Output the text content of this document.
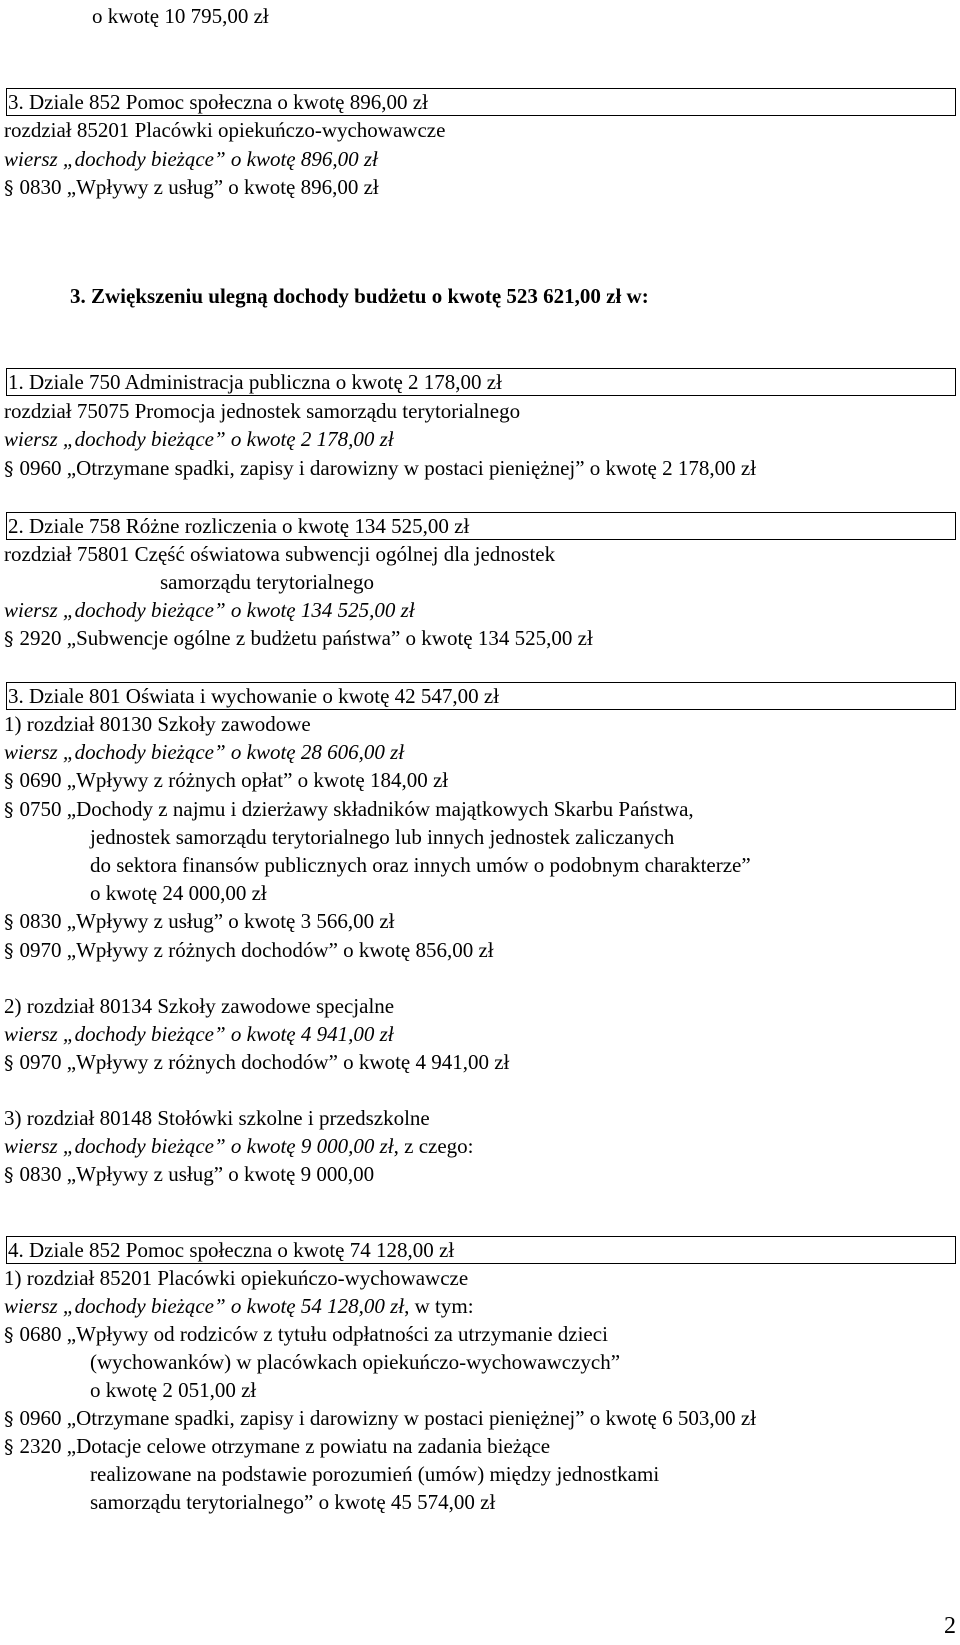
o kwotę 10 795,00 zł
3. Dziale 852 Pomoc społeczna o kwotę 896,00 zł
rozdział 85201 Placówki opiekuńczo-wychowawcze
wiersz „dochody bieżące” o kwotę 896,00 zł
§ 0830 „Wpływy z usług” o kwotę 896,00 zł
3. Zwiększeniu ulegną dochody budżetu o kwotę 523 621,00 zł w:
1. Dziale 750 Administracja publiczna o kwotę 2 178,00 zł
rozdział 75075 Promocja jednostek samorządu terytorialnego
wiersz „dochody bieżące” o kwotę 2 178,00 zł
§ 0960 „Otrzymane spadki, zapisy i darowizny w postaci pieniężnej” o kwotę 2 178,00 zł
2. Dziale 758 Różne rozliczenia o kwotę 134 525,00 zł
rozdział 75801 Część oświatowa subwencji ogólnej dla jednostek
samorządu terytorialnego
wiersz „dochody bieżące” o kwotę 134 525,00 zł
§ 2920 „Subwencje ogólne z budżetu państwa” o kwotę 134 525,00 zł
3. Dziale 801 Oświata i wychowanie o kwotę 42 547,00 zł
1) rozdział 80130 Szkoły zawodowe
wiersz „dochody bieżące” o kwotę 28 606,00 zł
§ 0690 „Wpływy z różnych opłat” o kwotę 184,00 zł
§ 0750 „Dochody z najmu i dzierżawy składników majątkowych Skarbu Państwa,
jednostek samorządu terytorialnego lub innych jednostek zaliczanych
do sektora finansów publicznych oraz innych umów o podobnym charakterze”
o kwotę 24 000,00 zł
§ 0830 „Wpływy z usług” o kwotę 3 566,00 zł
§ 0970 „Wpływy z różnych dochodów” o kwotę 856,00 zł
2) rozdział 80134 Szkoły zawodowe specjalne
wiersz „dochody bieżące” o kwotę 4 941,00 zł
§ 0970 „Wpływy z różnych dochodów” o kwotę 4 941,00 zł
3) rozdział 80148 Stołówki szkolne i przedszkolne
wiersz „dochody bieżące” o kwotę 9 000,00 zł, z czego:
§ 0830 „Wpływy z usług” o kwotę 9 000,00
4. Dziale 852 Pomoc społeczna o kwotę 74 128,00 zł
1) rozdział 85201 Placówki opiekuńczo-wychowawcze
wiersz „dochody bieżące” o kwotę 54 128,00 zł, w tym:
§ 0680 „Wpływy od rodziców z tytułu odpłatności za utrzymanie dzieci
(wychowanków) w placówkach opiekuńczo-wychowawczych”
o kwotę 2 051,00 zł
§ 0960 „Otrzymane spadki, zapisy i darowizny w postaci pieniężnej” o kwotę 6 503,00 zł
§ 2320 „Dotacje celowe otrzymane z powiatu na zadania bieżące
realizowane na podstawie porozumień (umów) między jednostkami
samorządu terytorialnego” o kwotę 45 574,00 zł
2
